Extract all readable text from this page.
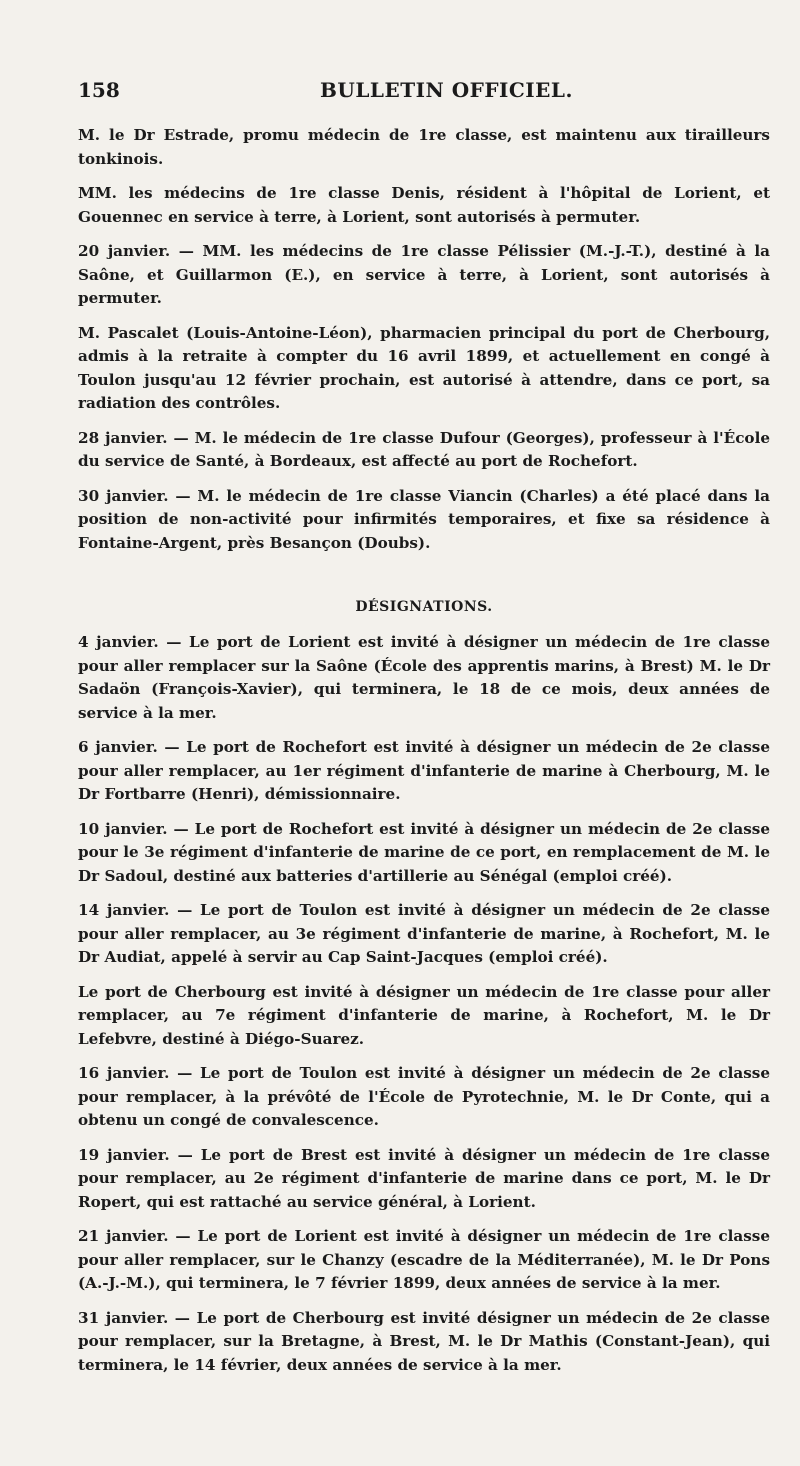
158	BULLETIN OFFICIEL.

M. le Dr Estrade, promu médecin de 1re classe, est maintenu aux tirailleurs tonkinois.

MM. les médecins de 1re classe Denis, résident à l'hôpital de Lorient, et Gouennec en service à terre, à Lorient, sont autorisés à permuter.

20 janvier. — MM. les médecins de 1re classe Pélissier (M.-J.-T.), destiné à la Saône, et Guillarmon (E.), en service à terre, à Lorient, sont autorisés à permuter.

M. Pascalet (Louis-Antoine-Léon), pharmacien principal du port de Cherbourg, admis à la retraite à compter du 16 avril 1899, et actuellement en congé à Toulon jusqu'au 12 février prochain, est autorisé à attendre, dans ce port, sa radiation des contrôles.

28 janvier. — M. le médecin de 1re classe Dufour (Georges), professeur à l'École du service de Santé, à Bordeaux, est affecté au port de Rochefort.

30 janvier. — M. le médecin de 1re classe Viancin (Charles) a été placé dans la position de non-activité pour infirmités temporaires, et fixe sa résidence à Fontaine-Argent, près Besançon (Doubs).

DÉSIGNATIONS.

4 janvier. — Le port de Lorient est invité à désigner un médecin de 1re classe pour aller remplacer sur la Saône (École des apprentis marins, à Brest) M. le Dr Sadaön (François-Xavier), qui terminera, le 18 de ce mois, deux années de service à la mer.

6 janvier. — Le port de Rochefort est invité à désigner un médecin de 2e classe pour aller remplacer, au 1er régiment d'infanterie de marine à Cherbourg, M. le Dr Fortbarre (Henri), démissionnaire.

10 janvier. — Le port de Rochefort est invité à désigner un médecin de 2e classe pour le 3e régiment d'infanterie de marine de ce port, en remplacement de M. le Dr Sadoul, destiné aux batteries d'artillerie au Sénégal (emploi créé).

14 janvier. — Le port de Toulon est invité à désigner un médecin de 2e classe pour aller remplacer, au 3e régiment d'infanterie de marine, à Rochefort, M. le Dr Audiat, appelé à servir au Cap Saint-Jacques (emploi créé).

Le port de Cherbourg est invité à désigner un médecin de 1re classe pour aller remplacer, au 7e régiment d'infanterie de marine, à Rochefort, M. le Dr Lefebvre, destiné à Diégo-Suarez.

16 janvier. — Le port de Toulon est invité à désigner un médecin de 2e classe pour remplacer, à la prévôté de l'École de Pyrotechnie, M. le Dr Conte, qui a obtenu un congé de convalescence.

19 janvier. — Le port de Brest est invité à désigner un médecin de 1re classe pour remplacer, au 2e régiment d'infanterie de marine dans ce port, M. le Dr Ropert, qui est rattaché au service général, à Lorient.

21 janvier. — Le port de Lorient est invité à désigner un médecin de 1re classe pour aller remplacer, sur le Chanzy (escadre de la Méditerranée), M. le Dr Pons (A.-J.-M.), qui terminera, le 7 février 1899, deux années de service à la mer.

31 janvier. — Le port de Cherbourg est invité désigner un médecin de 2e classe pour remplacer, sur la Bretagne, à Brest, M. le Dr Mathis (Constant-Jean), qui terminera, le 14 février, deux années de service à la mer.
